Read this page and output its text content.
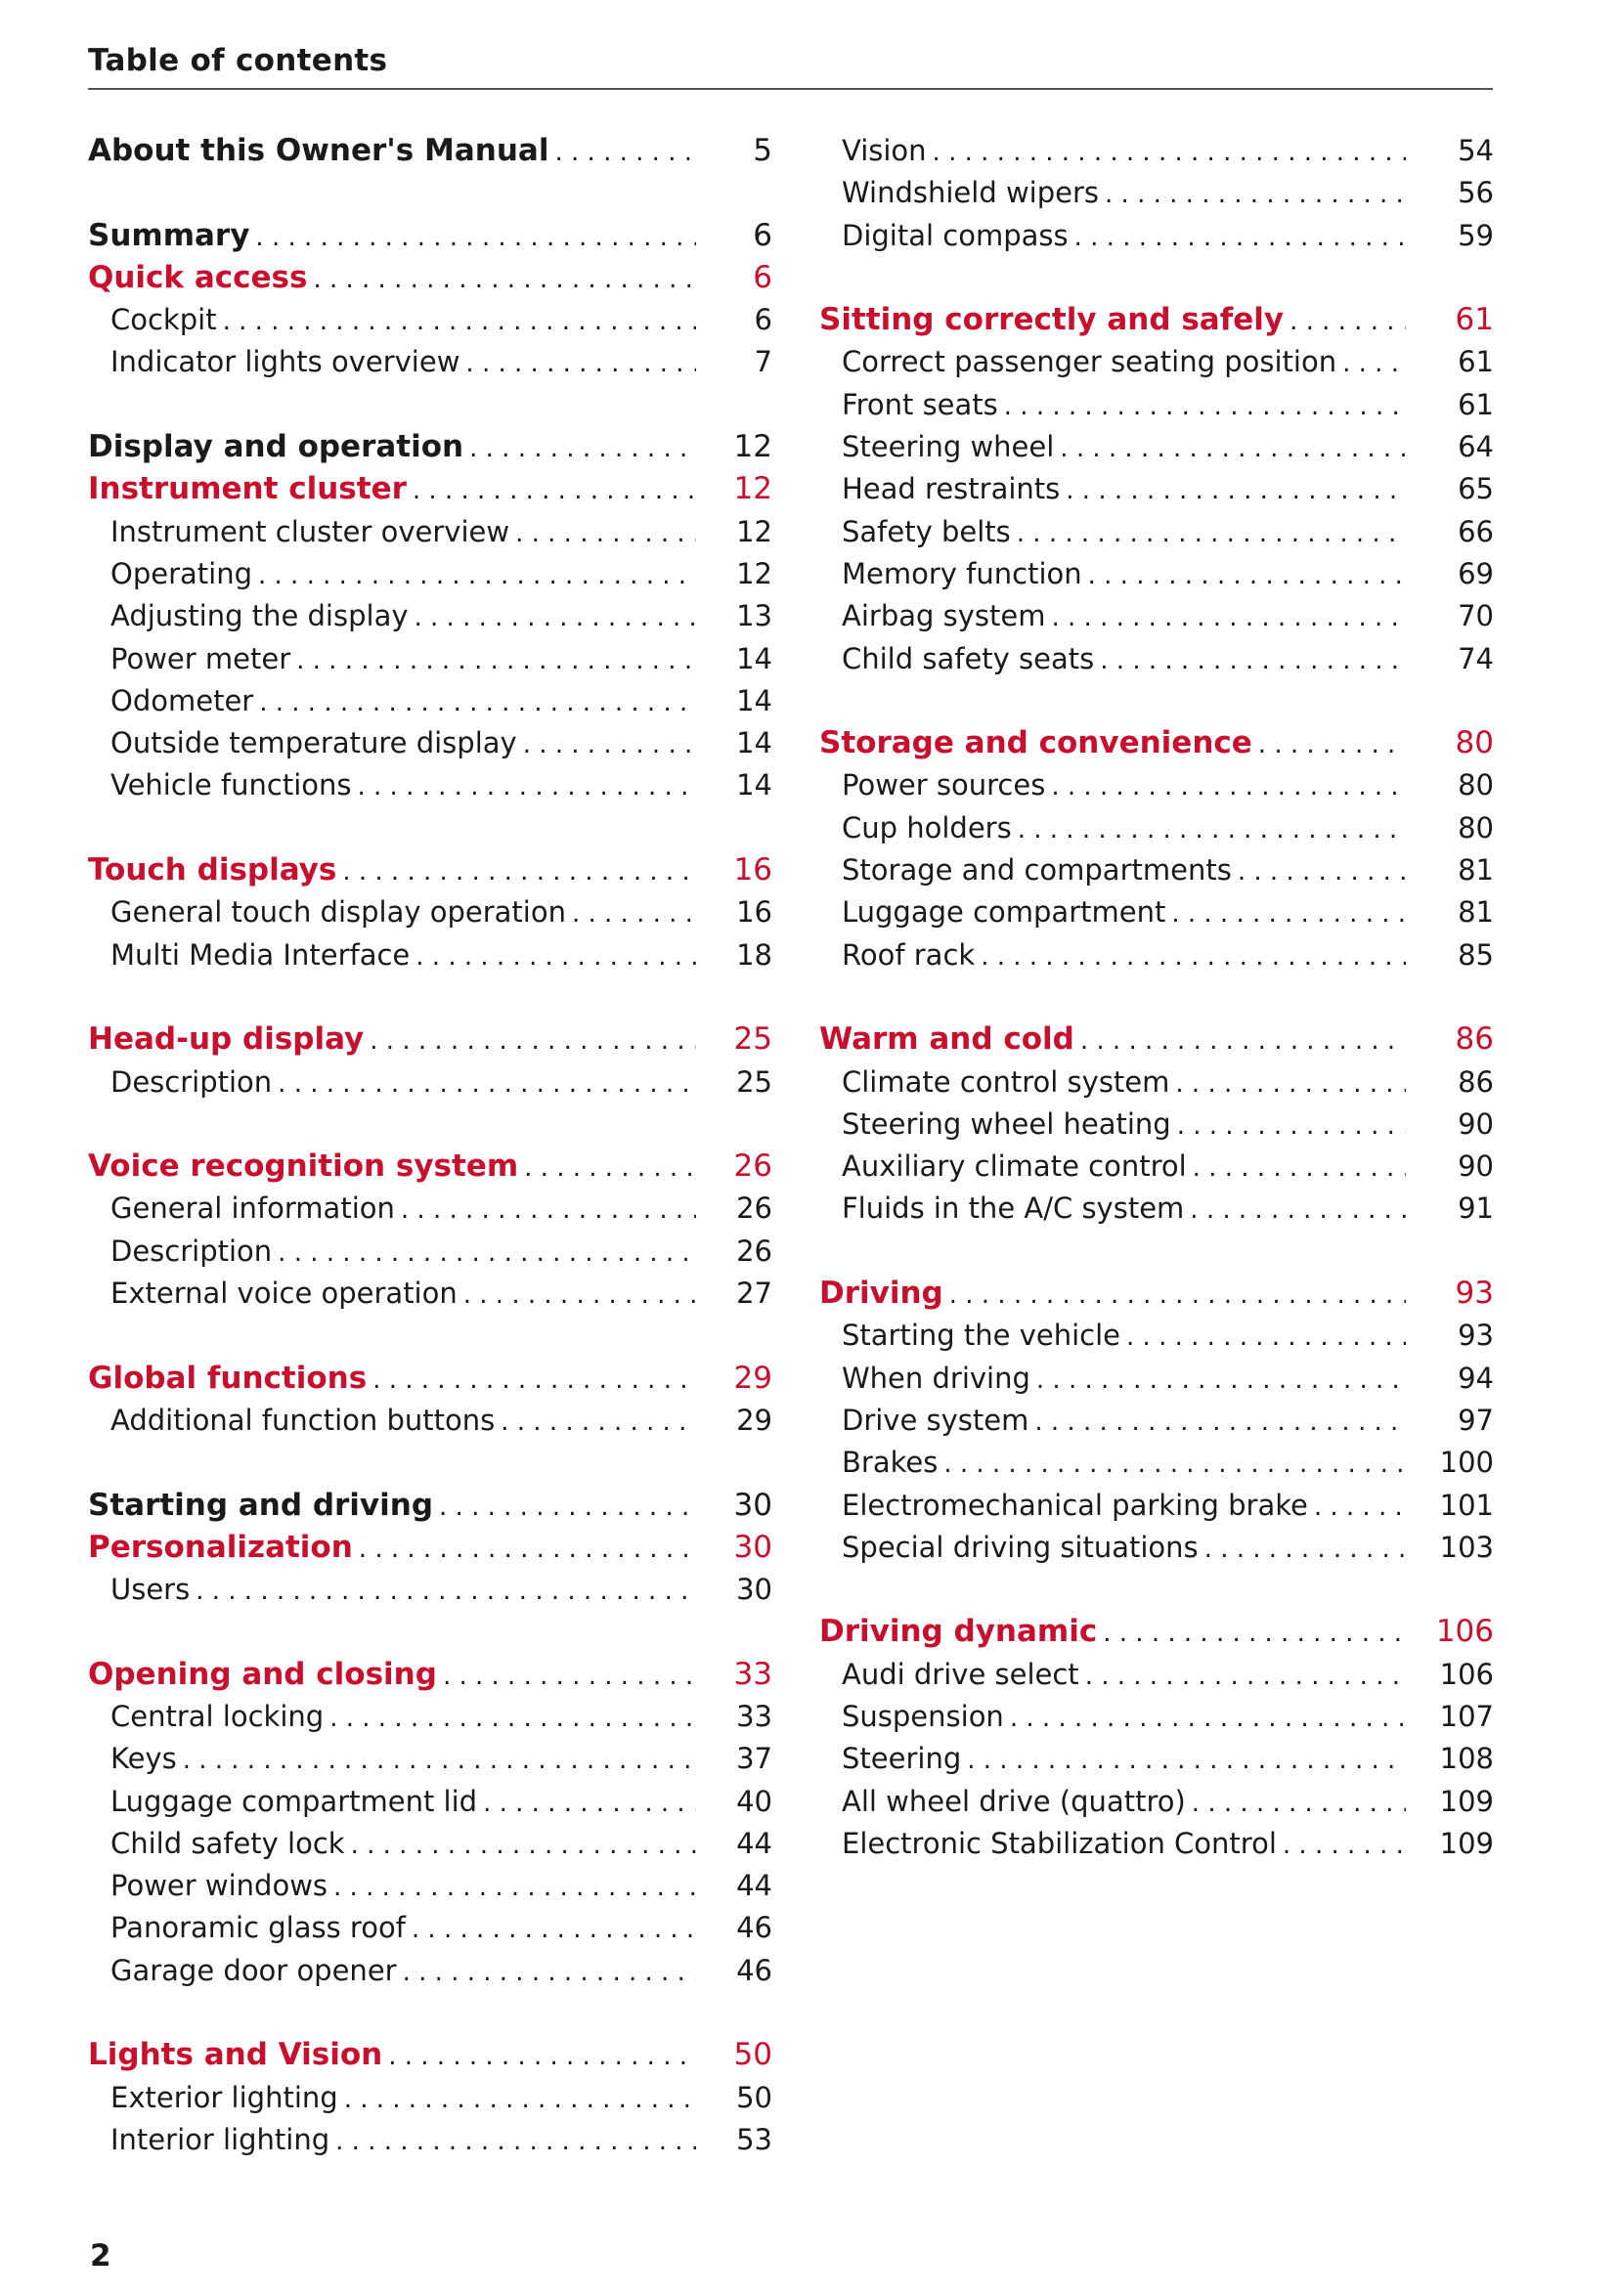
Table of contents
About this Owner's Manual . . .	5
Summary . . .	6
Quick access . . .	6
Cockpit . . .	6
Indicator lights overview . . .	7
Display and operation . . .	12
Instrument cluster . . .	12
Instrument cluster overview . . .	12
Operating . . .	12
Adjusting the display . . .	13
Power meter . . .	14
Odometer . . .	14
Outside temperature display . . .	14
Vehicle functions . . .	14
Touch displays . . .	16
General touch display operation . . .	16
Multi Media Interface . . .	18
Head-up display . . .	25
Description . . .	25
Voice recognition system . . .	26
General information . . .	26
Description . . .	26
External voice operation . . .	27
Global functions . . .	29
Additional function buttons . . .	29
Starting and driving . . .	30
Personalization . . .	30
Users . . .	30
Opening and closing . . .	33
Central locking . . .	33
Keys . . .	37
Luggage compartment lid . . .	40
Child safety lock . . .	44
Power windows . . .	44
Panoramic glass roof . . .	46
Garage door opener . . .	46
Lights and Vision . . .	50
Exterior lighting . . .	50
Interior lighting . . .	53
Vision . . .	54
Windshield wipers . . .	56
Digital compass . . .	59
Sitting correctly and safely . . .	61
Correct passenger seating position . . .	61
Front seats . . .	61
Steering wheel . . .	64
Head restraints . . .	65
Safety belts . . .	66
Memory function . . .	69
Airbag system . . .	70
Child safety seats . . .	74
Storage and convenience . . .	80
Power sources . . .	80
Cup holders . . .	80
Storage and compartments . . .	81
Luggage compartment . . .	81
Roof rack . . .	85
Warm and cold . . .	86
Climate control system . . .	86
Steering wheel heating . . .	90
Auxiliary climate control . . .	90
Fluids in the A/C system . . .	91
Driving . . .	93
Starting the vehicle . . .	93
When driving . . .	94
Drive system . . .	97
Brakes . . .	100
Electromechanical parking brake . . .	101
Special driving situations . . .	103
Driving dynamic . . .	106
Audi drive select . . .	106
Suspension . . .	107
Steering . . .	108
All wheel drive (quattro) . . .	109
Electronic Stabilization Control . . .	109
2
